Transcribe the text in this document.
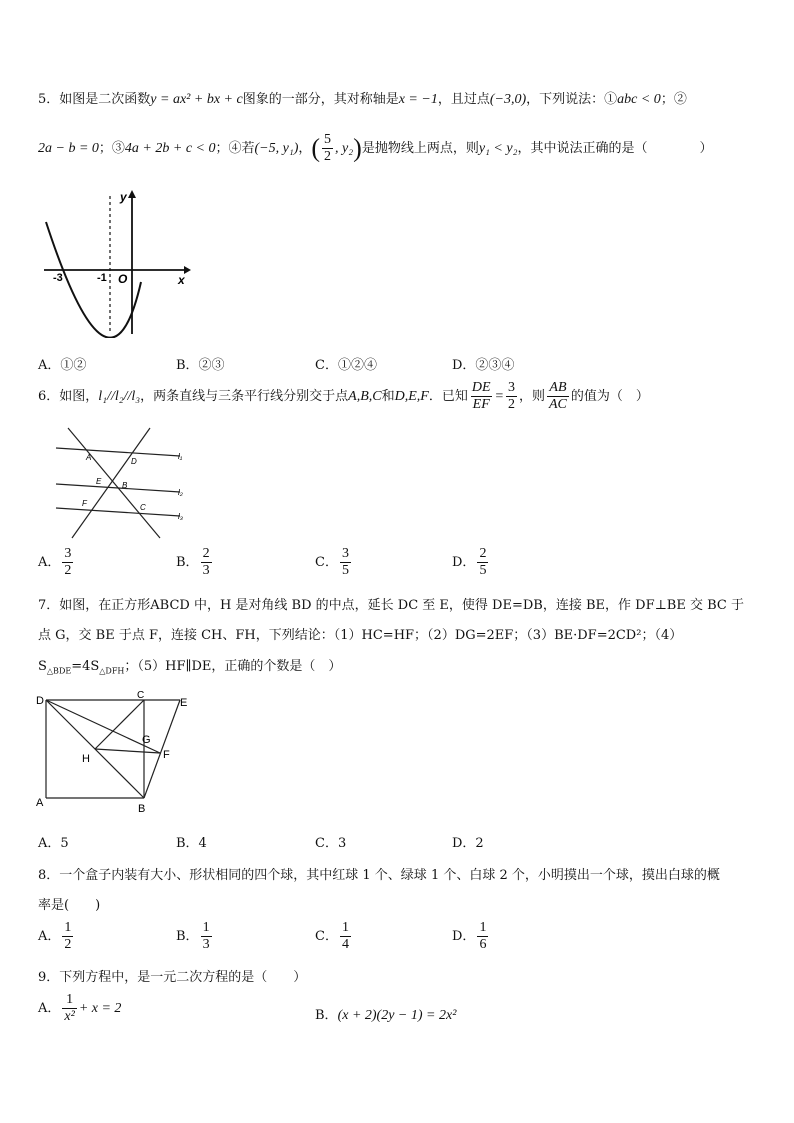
5．如图是二次函数y = ax² + bx + c图象的一部分，其对称轴是x = −1，且过点(−3,0)，下列说法：①abc < 0；②
2a − b = 0；③4a + 2b + c < 0；④若(−5, y₁)，( $\frac{5}{2}$ , y₂)是抛物线上两点，则y₁ < y₂，其中说法正确的是（　　　　）
-3	-1 O
y
x
A．①②	B．②③	C．①②④	D．②③④
6．如图，l₁//l₂//l₃，两条直线与三条平行线分别交于点A,B,C和D,E,F．已知 $\frac{DE}{EF} = \frac{3}{2}$ ，则 $\frac{AB}{AC}$ 的值为（　）
A	D
E	B
F	C
l₁
l₂
l₃
A． $\frac{3}{2}$	B． $\frac{2}{3}$	C． $\frac{3}{5}$	D． $\frac{2}{5}$
7．如图，在正方形ABCD 中，H 是对角线 BD 的中点，延长 DC 至 E，使得 DE=DB，连接 BE，作 DF⊥BE 交 BC 于
点 G，交 BE 于点 F，连接 CH、FH，下列结论：（1）HC=HF；（2）DG=2EF；（3）BE·DF=2CD²；（4）
$S_{\triangle BDE}=4S_{\triangle DFH}$；（5）HF∥DE，正确的个数是（　）
D	C
E
G
H	F
A	B
A．5	B．4	C．3	D．2
8．一个盒子内装有大小、形状相同的四个球，其中红球 1 个、绿球 1 个、白球 2 个，小明摸出一个球，摸出白球的概
率是(　　)
A． $\frac{1}{2}$	B． $\frac{1}{3}$	C． $\frac{1}{4}$	D． $\frac{1}{6}$
9．下列方程中，是一元二次方程的是（　　）
A． $\frac{1}{\text{x²}} + x = 2$	B．(x + 2)(2y − 1) = 2x²
